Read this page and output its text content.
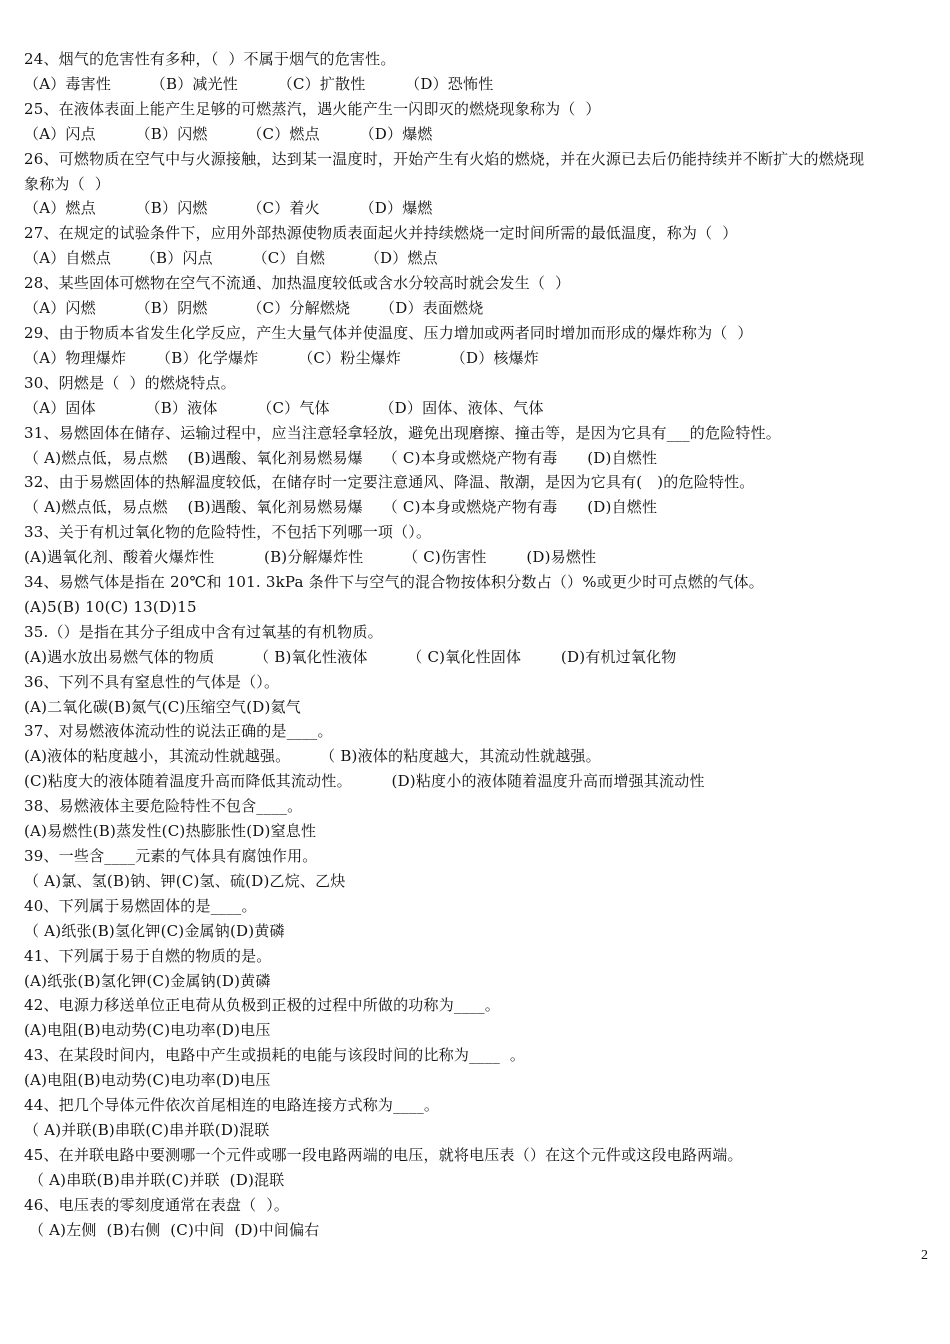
24、烟气的危害性有多种，（  ）不属于烟气的危害性。
（A）毒害性        （B）减光性        （C）扩散性        （D）恐怖性
25、在液体表面上能产生足够的可燃蒸汽，遇火能产生一闪即灭的燃烧现象称为（  ）
（A）闪点        （B）闪燃        （C）燃点        （D）爆燃
26、可燃物质在空气中与火源接触，达到某一温度时，开始产生有火焰的燃烧，并在火源已去后仍能持续并不断扩大的燃烧现
象称为（  ）
（A）燃点        （B）闪燃        （C）着火        （D）爆燃
27、在规定的试验条件下，应用外部热源使物质表面起火并持续燃烧一定时间所需的最低温度，称为（  ）
（A）自燃点      （B）闪点        （C）自燃        （D）燃点
28、某些固体可燃物在空气不流通、加热温度较低或含水分较高时就会发生（  ）
（A）闪燃        （B）阴燃        （C）分解燃烧      （D）表面燃烧
29、由于物质本省发生化学反应，产生大量气体并使温度、压力增加或两者同时增加而形成的爆炸称为（  ）
（A）物理爆炸      （B）化学爆炸        （C）粉尘爆炸          （D）核爆炸
30、阴燃是（  ）的燃烧特点。
（A）固体          （B）液体        （C）气体          （D）固体、液体、气体
31、易燃固体在储存、运输过程中，应当注意轻拿轻放，避免出现磨擦、撞击等，是因为它具有___的危险特性。
（ A)燃点低，易点燃    (B)遇酸、氧化剂易燃易爆    （ C)本身或燃烧产物有毒      (D)自燃性
32、由于易燃固体的热解温度较低，在储存时一定要注意通风、降温、散潮，是因为它具有(   )的危险特性。
（ A)燃点低，易点燃    (B)遇酸、氧化剂易燃易爆    （ C)本身或燃烧产物有毒      (D)自燃性
33、关于有机过氧化物的危险特性，不包括下列哪一项（）。
(A)遇氧化剂、酸着火爆炸性          (B)分解爆炸性        （ C)伤害性        (D)易燃性
34、易燃气体是指在 20℃和 101. 3kPa 条件下与空气的混合物按体积分数占（）%或更少时可点燃的气体。
(A)5(B) 10(C) 13(D)15
35.（）是指在其分子组成中含有过氧基的有机物质。
(A)遇水放出易燃气体的物质        （ B)氧化性液体        （ C)氧化性固体        (D)有机过氧化物
36、下列不具有窒息性的气体是（）。
(A)二氧化碳(B)氮气(C)压缩空气(D)氦气
37、对易燃液体流动性的说法正确的是____。
(A)液体的粘度越小，其流动性就越强。      （ B)液体的粘度越大，其流动性就越强。
(C)粘度大的液体随着温度升高而降低其流动性。        (D)粘度小的液体随着温度升高而增强其流动性
38、易燃液体主要危险特性不包含____。
(A)易燃性(B)蒸发性(C)热膨胀性(D)窒息性
39、一些含____元素的气体具有腐蚀作用。
（ A)氯、氢(B)钠、钾(C)氢、硫(D)乙烷、乙炔
40、下列属于易燃固体的是____。
（ A)纸张(B)氢化钾(C)金属钠(D)黄磷
41、下列属于易于自燃的物质的是。
(A)纸张(B)氢化钾(C)金属钠(D)黄磷
42、电源力移送单位正电荷从负极到正极的过程中所做的功称为____。
(A)电阻(B)电动势(C)电功率(D)电压
43、在某段时间内，电路中产生或损耗的电能与该段时间的比称为____  。
(A)电阻(B)电动势(C)电功率(D)电压
44、把几个导体元件依次首尾相连的电路连接方式称为____。
（ A)并联(B)串联(C)串并联(D)混联
45、在并联电路中要测哪一个元件或哪一段电路两端的电压，就将电压表（）在这个元件或这段电路两端。
（ A)串联(B)串并联(C)并联  (D)混联
46、电压表的零刻度通常在表盘（  ）。
（ A)左侧  (B)右侧  (C)中间  (D)中间偏右
2
